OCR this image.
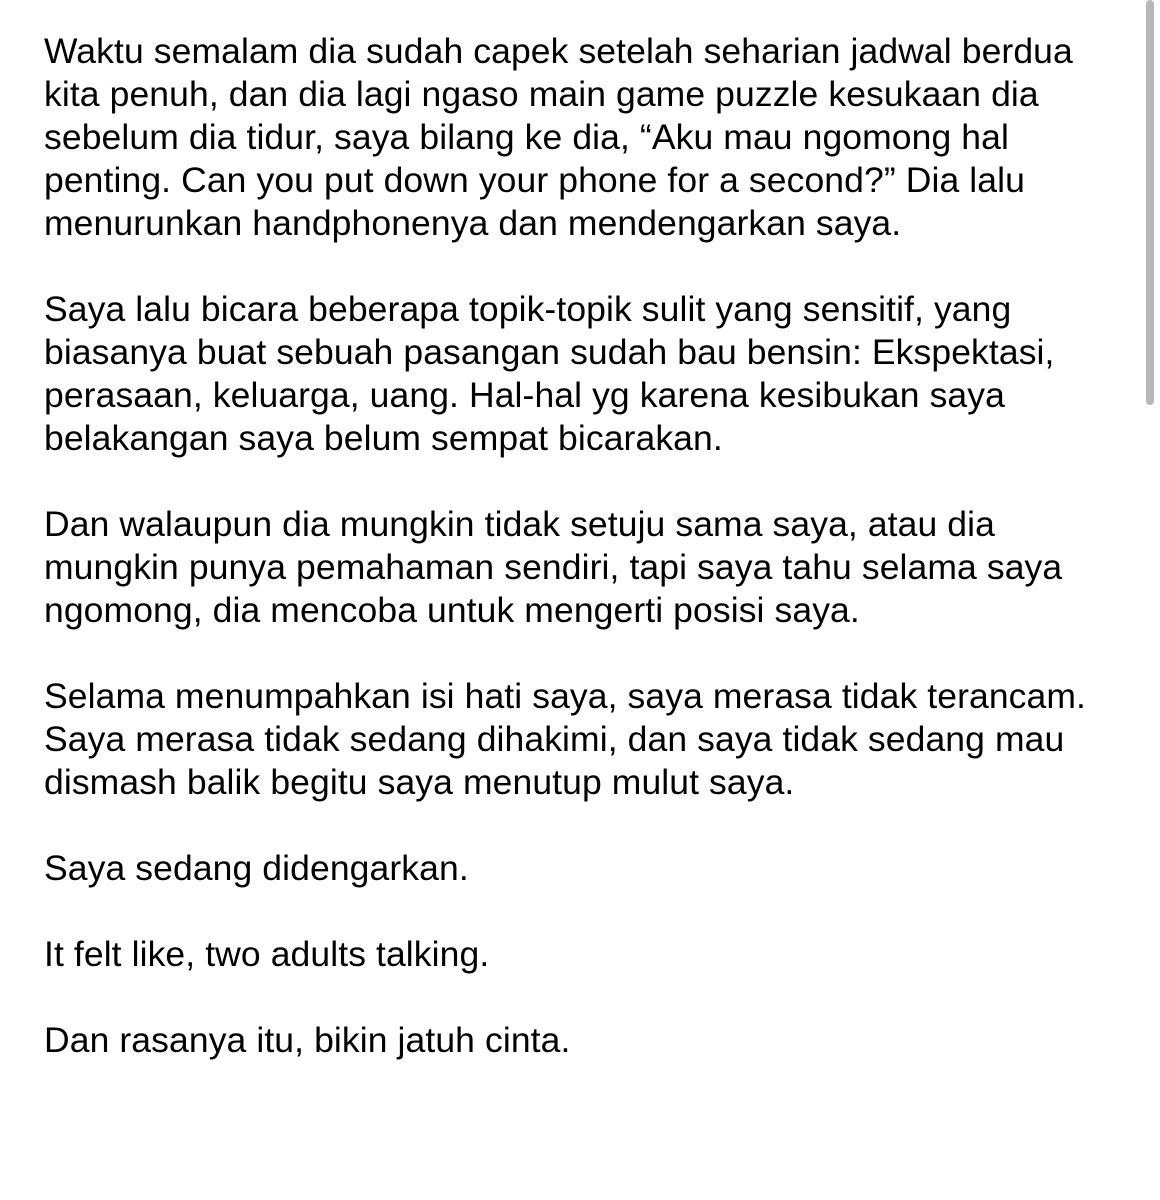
Waktu semalam dia sudah capek setelah seharian jadwal berdua kita penuh, dan dia lagi ngaso main game puzzle kesukaan dia sebelum dia tidur, saya bilang ke dia, “Aku mau ngomong hal penting. Can you put down your phone for a second?” Dia lalu menurunkan handphonenya dan mendengarkan saya.

Saya lalu bicara beberapa topik-topik sulit yang sensitif, yang biasanya buat sebuah pasangan sudah bau bensin: Ekspektasi, perasaan, keluarga, uang. Hal-hal yg karena kesibukan saya belakangan saya belum sempat bicarakan.

Dan walaupun dia mungkin tidak setuju sama saya, atau dia mungkin punya pemahaman sendiri, tapi saya tahu selama saya ngomong, dia mencoba untuk mengerti posisi saya.

Selama menumpahkan isi hati saya, saya merasa tidak terancam. Saya merasa tidak sedang dihakimi, dan saya tidak sedang mau dismash balik begitu saya menutup mulut saya.

Saya sedang didengarkan.

It felt like, two adults talking.

Dan rasanya itu, bikin jatuh cinta.
